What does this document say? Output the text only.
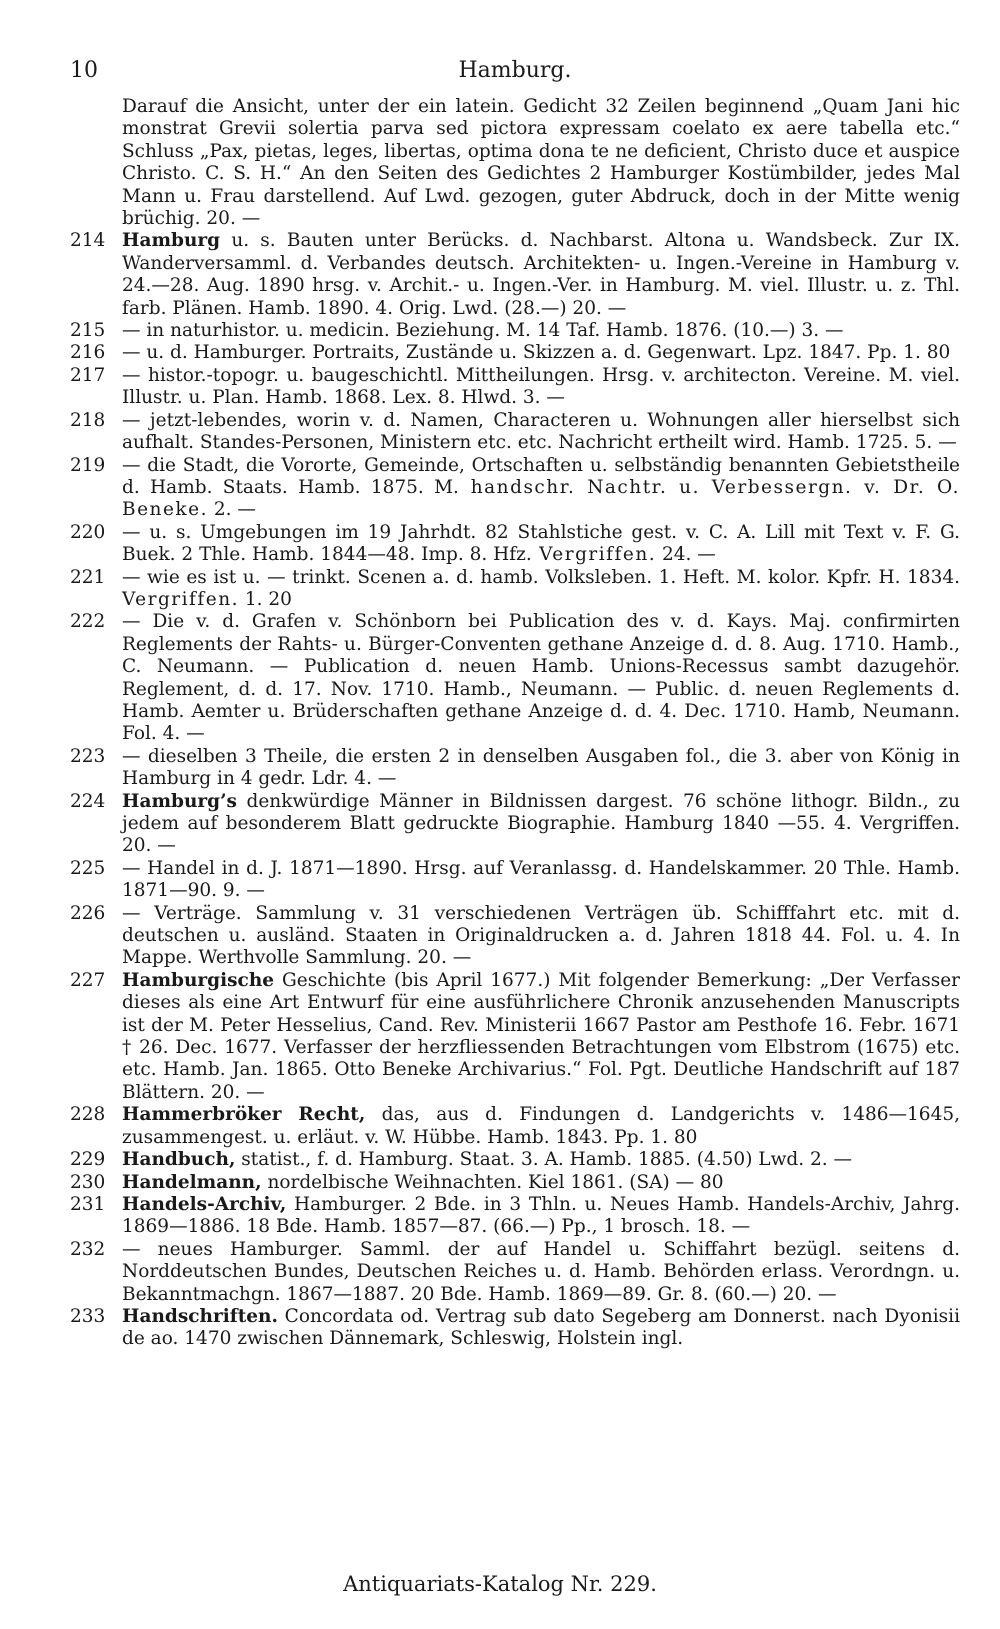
10	Hamburg.
Darauf die Ansicht, unter der ein latein. Gedicht 32 Zeilen beginnend „Quam Jani hic monstrat Grevii solertia parva sed pictora expressam coelato ex aere tabella etc.“ Schluss „Pax, pietas, leges, libertas, optima dona te ne deficient, Christo duce et auspice Christo. C. S. H.“ An den Seiten des Gedichtes 2 Hamburger Kostümbilder, jedes Mal Mann u. Frau darstellend. Auf Lwd. gezogen, guter Abdruck, doch in der Mitte wenig brüchig. 20. —
214 Hamburg u. s. Bauten unter Berücks. d. Nachbarst. Altona u. Wandsbeck. Zur IX. Wanderversamml. d. Verbandes deutsch. Architekten- u. Ingen.-Vereine in Hamburg v. 24.—28. Aug. 1890 hrsg. v. Archit.- u. Ingen.-Ver. in Hamburg. M. viel. Illustr. u. z. Thl. farb. Plänen. Hamb. 1890. 4. Orig. Lwd. (28.—) 20. —
215 — in naturhistor. u. medicin. Beziehung. M. 14 Taf. Hamb. 1876. (10.—) 3. —
216 — u. d. Hamburger. Portraits, Zustände u. Skizzen a. d. Gegenwart. Lpz. 1847. Pp. 1. 80
217 — histor.-topogr. u. baugeschichtl. Mittheilungen. Hrsg. v. architecton. Vereine. M. viel. Illustr. u. Plan. Hamb. 1868. Lex. 8. Hlwd. 3. —
218 — jetzt-lebendes, worin v. d. Namen, Characteren u. Wohnungen aller hierselbst sich aufhalt. Standes-Personen, Ministern etc. etc. Nachricht ertheilt wird. Hamb. 1725. 5. —
219 — die Stadt, die Vororte, Gemeinde, Ortschaften u. selbständig benannten Gebietstheile d. Hamb. Staats. Hamb. 1875. M. handschr. Nachtr. u. Verbessergn. v. Dr. O. Beneke. 2. —
220 — u. s. Umgebungen im 19 Jahrhdt. 82 Stahlstiche gest. v. C. A. Lill mit Text v. F. G. Buek. 2 Thle. Hamb. 1844—48. Imp. 8. Hfz. Vergriffen. 24. —
221 — wie es ist u. — trinkt. Scenen a. d. hamb. Volksleben. 1. Heft. M. kolor. Kpfr. H. 1834. Vergriffen. 1. 20
222 — Die v. d. Grafen v. Schönborn bei Publication des v. d. Kays. Maj. confirmirten Reglements der Rahts- u. Bürger-Conventen gethane Anzeige d. d. 8. Aug. 1710. Hamb., C. Neumann. — Publication d. neuen Hamb. Unions-Recessus sambt dazugehör. Reglement, d. d. 17. Nov. 1710. Hamb., Neumann. — Public. d. neuen Reglements d. Hamb. Aemter u. Brüderschaften gethane Anzeige d. d. 4. Dec. 1710. Hamb, Neumann. Fol. 4. —
223 — dieselben 3 Theile, die ersten 2 in denselben Ausgaben fol., die 3. aber von König in Hamburg in 4 gedr. Ldr. 4. —
224 Hamburg’s denkwürdige Männer in Bildnissen dargest. 76 schöne lithogr. Bildn., zu jedem auf besonderem Blatt gedruckte Biographie. Hamburg 1840 —55. 4. Vergriffen. 20. —
225 — Handel in d. J. 1871—1890. Hrsg. auf Veranlassg. d. Handelskammer. 20 Thle. Hamb. 1871—90. 9. —
226 — Verträge. Sammlung v. 31 verschiedenen Verträgen üb. Schifffahrt etc. mit d. deutschen u. ausländ. Staaten in Originaldrucken a. d. Jahren 1818 44. Fol. u. 4. In Mappe. Werthvolle Sammlung. 20. —
227 Hamburgische Geschichte (bis April 1677.) Mit folgender Bemerkung: „Der Verfasser dieses als eine Art Entwurf für eine ausführlichere Chronik anzusehenden Manuscripts ist der M. Peter Hesselius, Cand. Rev. Ministerii 1667 Pastor am Pesthofe 16. Febr. 1671 † 26. Dec. 1677. Verfasser der herzfliessenden Betrachtungen vom Elbstrom (1675) etc. etc. Hamb. Jan. 1865. Otto Beneke Archivarius.“ Fol. Pgt. Deutliche Handschrift auf 187 Blättern. 20. —
228 Hammerbröker Recht, das, aus d. Findungen d. Landgerichts v. 1486—1645, zusammengest. u. erläut. v. W. Hübbe. Hamb. 1843. Pp. 1. 80
229 Handbuch, statist., f. d. Hamburg. Staat. 3. A. Hamb. 1885. (4.50) Lwd. 2. —
230 Handelmann, nordelbische Weihnachten. Kiel 1861. (SA) — 80
231 Handels-Archiv, Hamburger. 2 Bde. in 3 Thln. u. Neues Hamb. Handels-Archiv, Jahrg. 1869—1886. 18 Bde. Hamb. 1857—87. (66.—) Pp., 1 brosch. 18. —
232 — neues Hamburger. Samml. der auf Handel u. Schiffahrt bezügl. seitens d. Norddeutschen Bundes, Deutschen Reiches u. d. Hamb. Behörden erlass. Verordngn. u. Bekanntmachgn. 1867—1887. 20 Bde. Hamb. 1869—89. Gr. 8. (60.—) 20. —
233 Handschriften. Concordata od. Vertrag sub dato Segeberg am Donnerst. nach Dyonisii de ao. 1470 zwischen Dännemark, Schleswig, Holstein ingl.
Antiquariats-Katalog Nr. 229.
